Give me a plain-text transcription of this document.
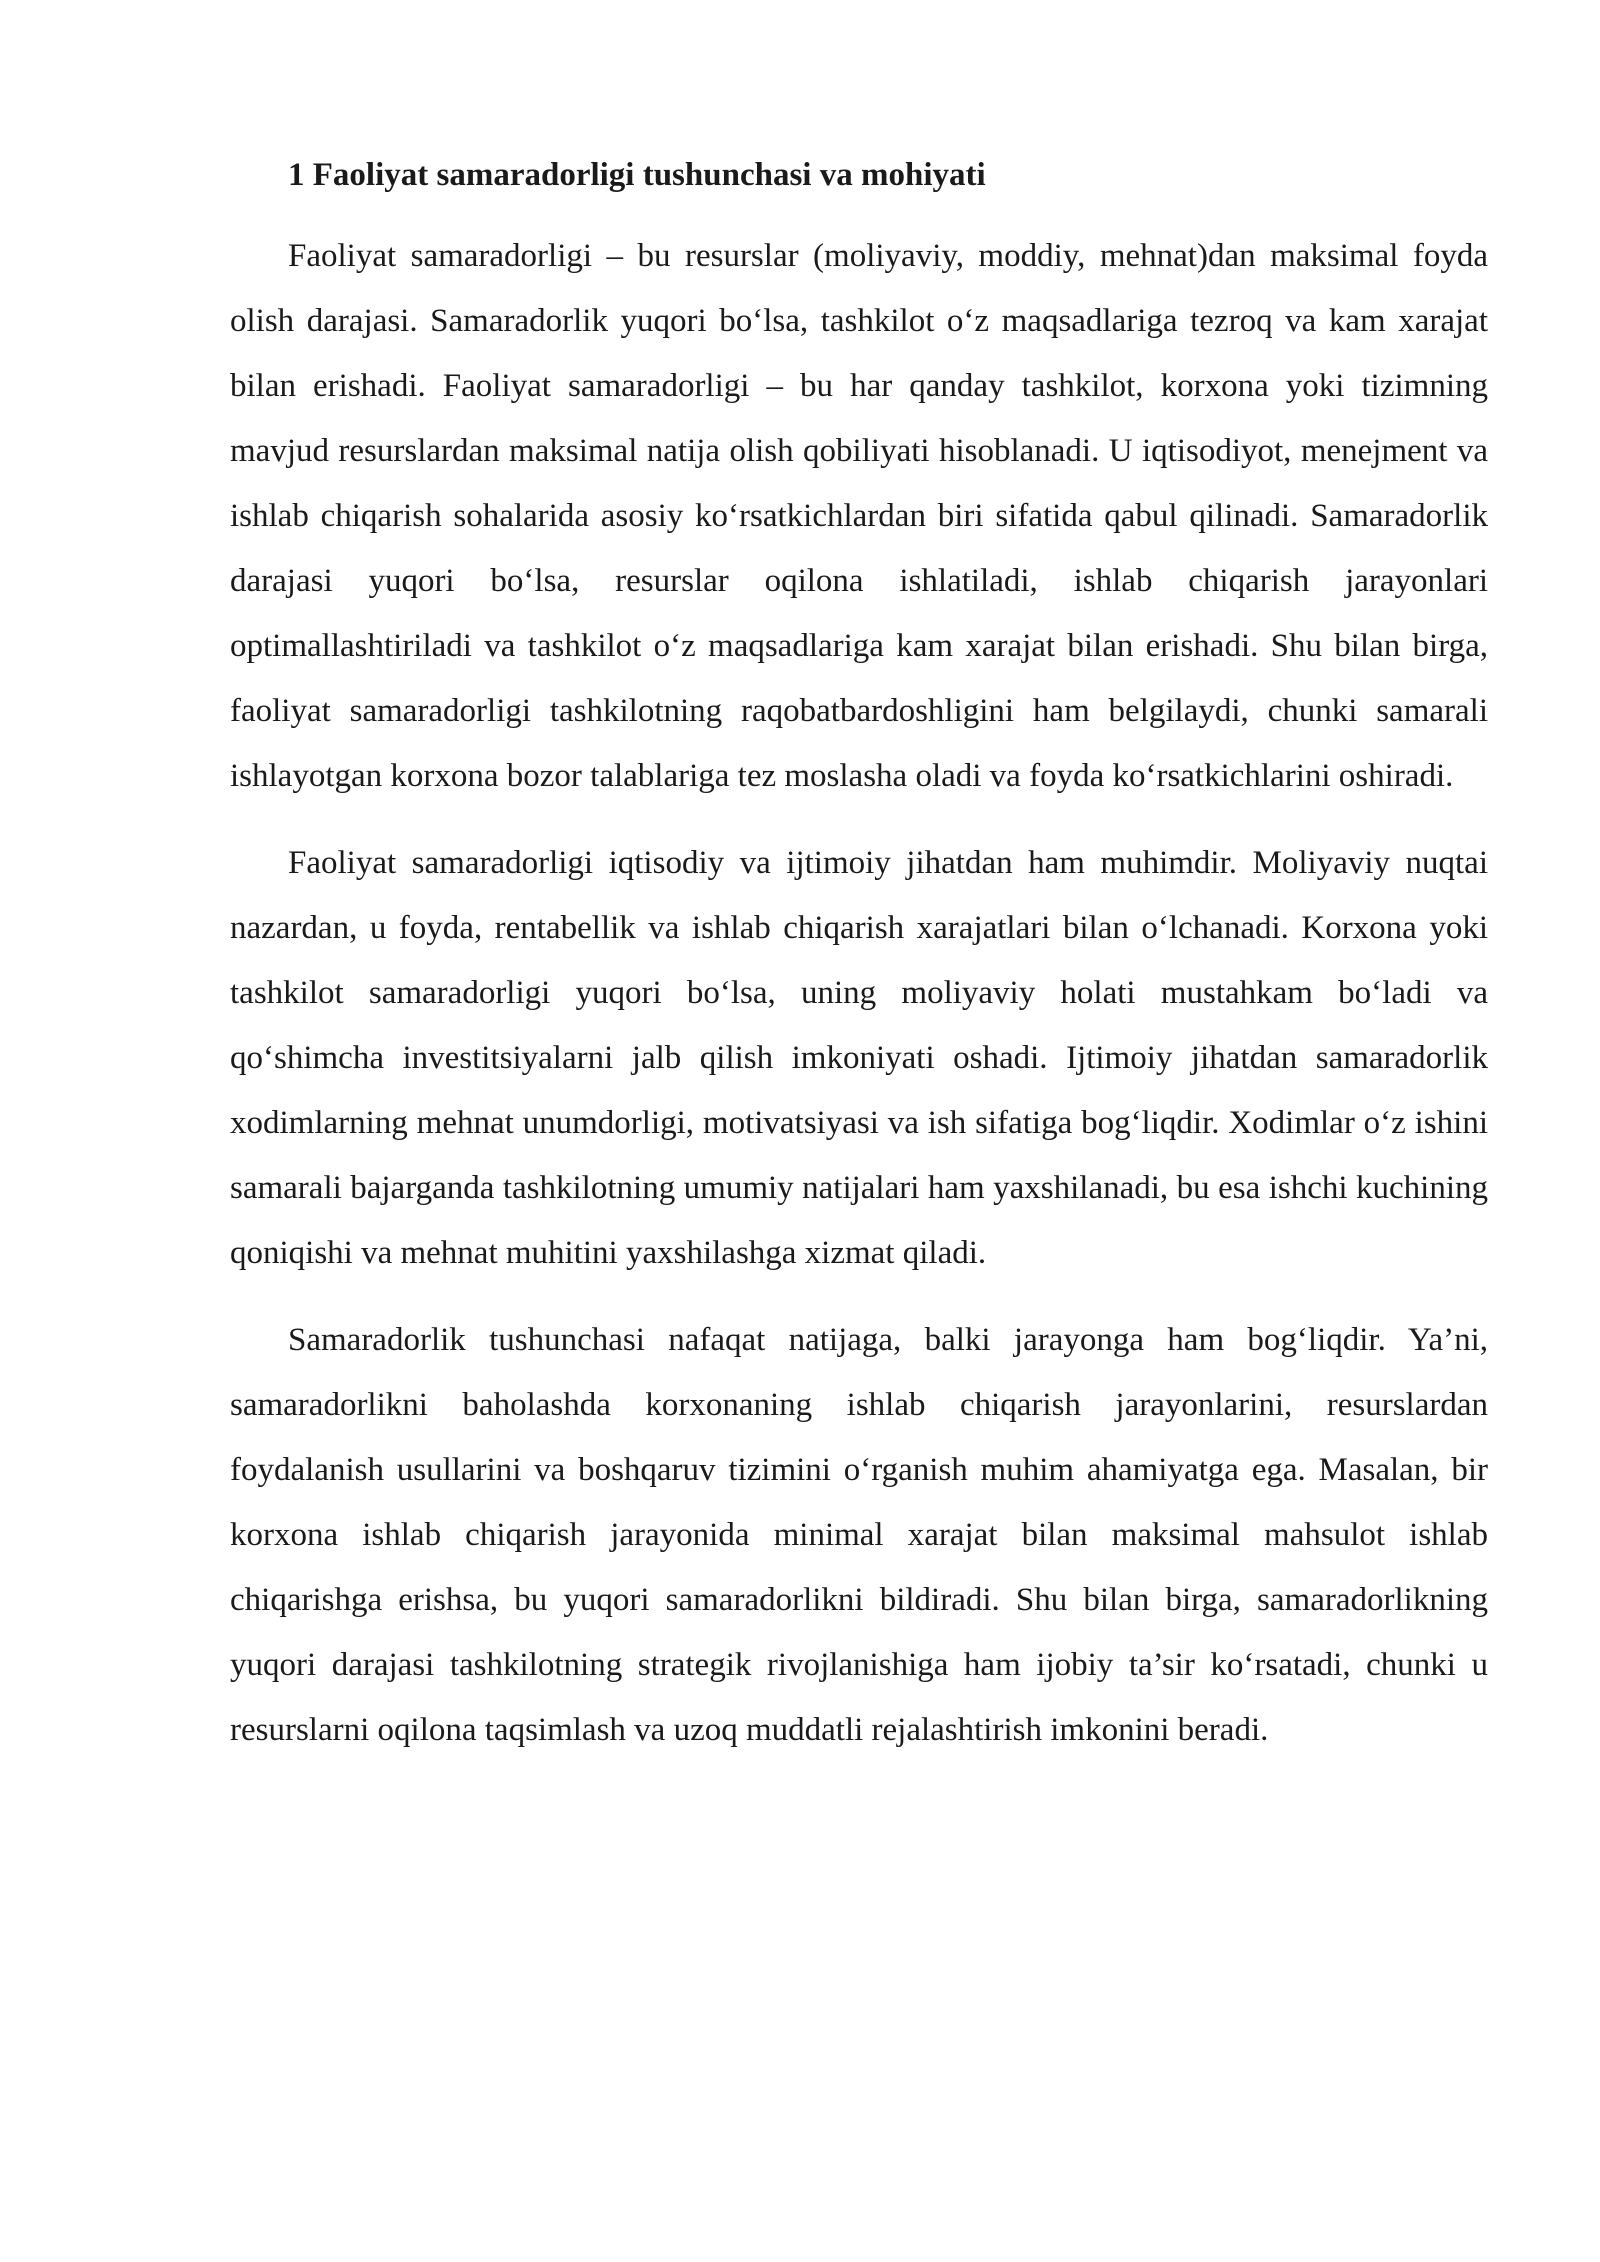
1 Faoliyat samaradorligi tushunchasi va mohiyati

Faoliyat samaradorligi – bu resurslar (moliyaviy, moddiy, mehnat)dan maksimal foyda olish darajasi. Samaradorlik yuqori bo‘lsa, tashkilot o‘z maqsadlariga tezroq va kam xarajat bilan erishadi. Faoliyat samaradorligi – bu har qanday tashkilot, korxona yoki tizimning mavjud resurslardan maksimal natija olish qobiliyati hisoblanadi. U iqtisodiyot, menejment va ishlab chiqarish sohalarida asosiy ko‘rsatkichlardan biri sifatida qabul qilinadi. Samaradorlik darajasi yuqori bo‘lsa, resurslar oqilona ishlatiladi, ishlab chiqarish jarayonlari optimallashtiriladi va tashkilot o‘z maqsadlariga kam xarajat bilan erishadi. Shu bilan birga, faoliyat samaradorligi tashkilotning raqobatbardoshligini ham belgilaydi, chunki samarali ishlayotgan korxona bozor talablariga tez moslasha oladi va foyda ko‘rsatkichlarini oshiradi.

Faoliyat samaradorligi iqtisodiy va ijtimoiy jihatdan ham muhimdir. Moliyaviy nuqtai nazardan, u foyda, rentabellik va ishlab chiqarish xarajatlari bilan o‘lchanadi. Korxona yoki tashkilot samaradorligi yuqori bo‘lsa, uning moliyaviy holati mustahkam bo‘ladi va qo‘shimcha investitsiyalarni jalb qilish imkoniyati oshadi. Ijtimoiy jihatdan samaradorlik xodimlarning mehnat unumdorligi, motivatsiyasi va ish sifatiga bog‘liqdir. Xodimlar o‘z ishini samarali bajarganda tashkilotning umumiy natijalari ham yaxshilanadi, bu esa ishchi kuchining qoniqishi va mehnat muhitini yaxshilashga xizmat qiladi.

Samaradorlik tushunchasi nafaqat natijaga, balki jarayonga ham bog‘liqdir. Ya’ni, samaradorlikni baholashda korxonaning ishlab chiqarish jarayonlarini, resurslardan foydalanish usullarini va boshqaruv tizimini o‘rganish muhim ahamiyatga ega. Masalan, bir korxona ishlab chiqarish jarayonida minimal xarajat bilan maksimal mahsulot ishlab chiqarishga erishsa, bu yuqori samaradorlikni bildiradi. Shu bilan birga, samaradorlikning yuqori darajasi tashkilotning strategik rivojlanishiga ham ijobiy ta’sir ko‘rsatadi, chunki u resurslarni oqilona taqsimlash va uzoq muddatli rejalashtirish imkonini beradi.
